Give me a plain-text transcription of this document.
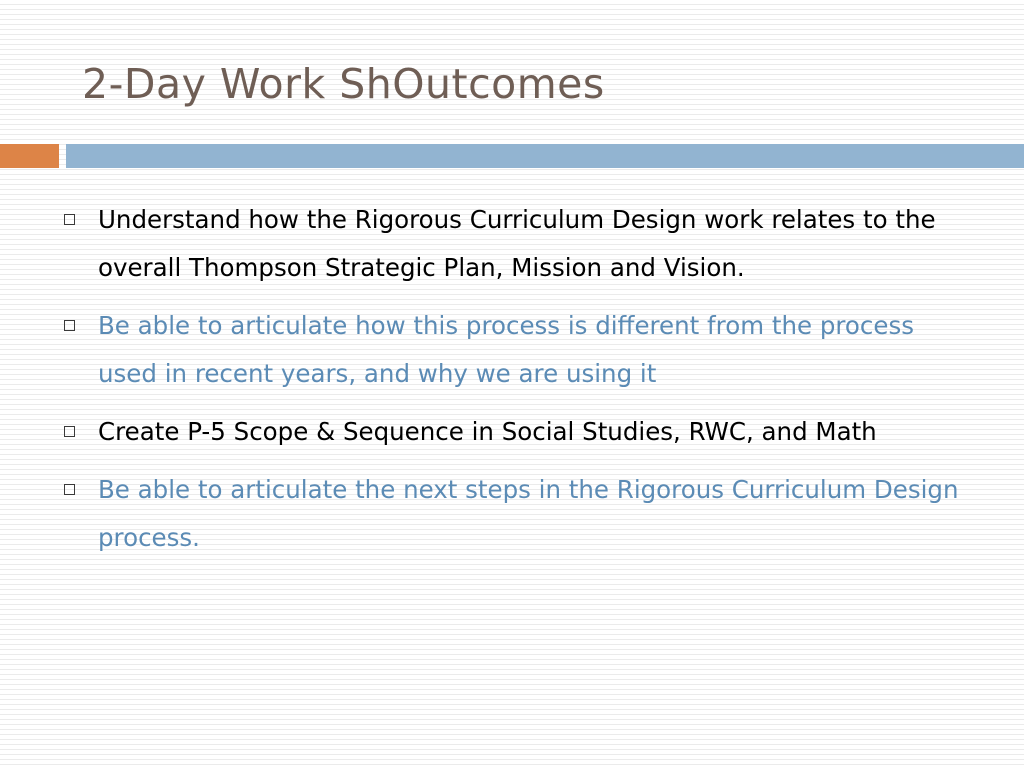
2-Day Work ShOutcomes
Understand how the Rigorous Curriculum Design work relates to the overall Thompson Strategic Plan, Mission and Vision.
Be able to articulate how this process is different from the process used in recent years, and why we are using it
Create P-5 Scope & Sequence in Social Studies, RWC, and Math
Be able to articulate the next steps in the Rigorous Curriculum Design process.
